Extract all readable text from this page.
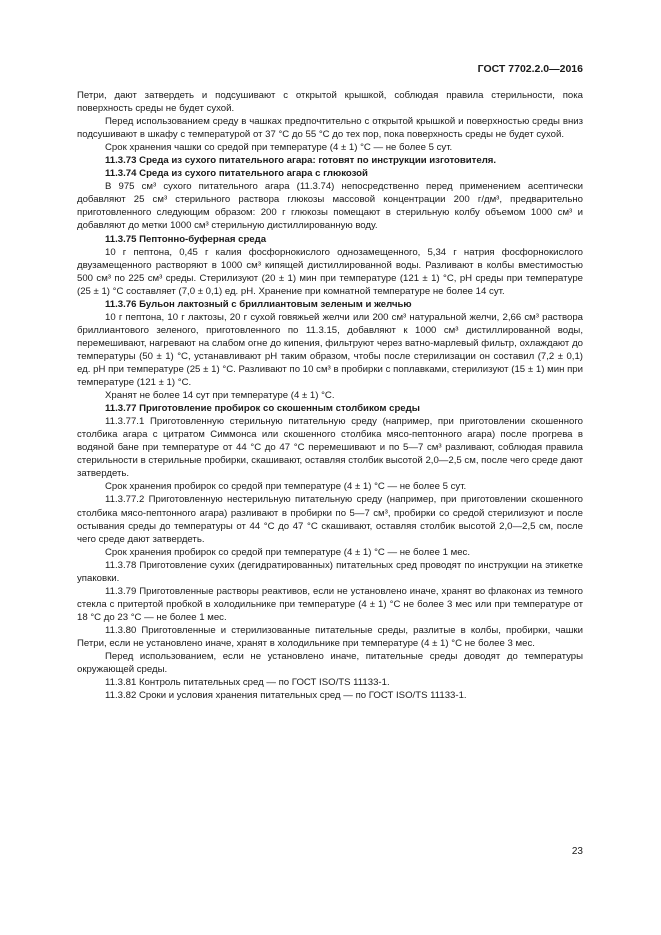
ГОСТ 7702.2.0—2016

Петри, дают затвердеть и подсушивают с открытой крышкой, соблюдая правила стерильности, пока поверхность среды не будет сухой.

Перед использованием среду в чашках предпочтительно с открытой крышкой и поверхностью среды вниз подсушивают в шкафу с температурой от 37 °С до 55 °С до тех пор, пока поверхность среды не будет сухой.

Срок хранения чашки со средой при температуре (4 ± 1) °С — не более 5 сут.

11.3.73 Среда из сухого питательного агара: готовят по инструкции изготовителя.

11.3.74 Среда из сухого питательного агара с глюкозой

В 975 см³ сухого питательного агара (11.3.74) непосредственно перед применением асептически добавляют 25 см³ стерильного раствора глюкозы массовой концентрации 200 г/дм³, предварительно приготовленного следующим образом: 200 г глюкозы помещают в стерильную колбу объемом 1000 см³ и добавляют до метки 1000 см³ стерильную дистиллированную воду.

11.3.75 Пептонно-буферная среда

10 г пептона, 0,45 г калия фосфорнокислого однозамещенного, 5,34 г натрия фосфорнокислого двузамещенного растворяют в 1000 см³ кипящей дистиллированной воды. Разливают в колбы вместимостью 500 см³ по 225 см³ среды. Стерилизуют (20 ± 1) мин при температуре (121 ± 1) °С, pH среды при температуре (25 ± 1) °С составляет (7,0 ± 0,1) ед. pH. Хранение при комнатной температуре не более 14 сут.

11.3.76 Бульон лактозный с бриллиантовым зеленым и желчью

10 г пептона, 10 г лактозы, 20 г сухой говяжьей желчи или 200 см³ натуральной желчи, 2,66 см³ раствора бриллиантового зеленого, приготовленного по 11.3.15, добавляют к 1000 см³ дистиллированной воды, перемешивают, нагревают на слабом огне до кипения, фильтруют через ватно-марлевый фильтр, охлаждают до температуры (50 ± 1) °С, устанавливают pH таким образом, чтобы после стерилизации он составил (7,2 ± 0,1) ед. pH при температуре (25 ± 1) °С. Разливают по 10 см³ в пробирки с поплавками, стерилизуют (15 ± 1) мин при температуре (121 ± 1) °С.

Хранят не более 14 сут при температуре (4 ± 1) °С.

11.3.77 Приготовление пробирок со скошенным столбиком среды

11.3.77.1 Приготовленную стерильную питательную среду (например, при приготовлении скошенного столбика агара с цитратом Симмонса или скошенного столбика мясо-пептонного агара) после прогрева в водяной бане при температуре от 44 °С до 47 °С перемешивают и по 5—7 см³ разливают, соблюдая правила стерильности в стерильные пробирки, скашивают, оставляя столбик высотой 2,0—2,5 см, после чего среде дают затвердеть.

Срок хранения пробирок со средой при температуре (4 ± 1) °С — не более 5 сут.

11.3.77.2 Приготовленную нестерильную питательную среду (например, при приготовлении скошенного столбика мясо-пептонного агара) разливают в пробирки по 5—7 см³, пробирки со средой стерилизуют и после остывания среды до температуры от 44 °С до 47 °С скашивают, оставляя столбик высотой 2,0—2,5 см, после чего среде дают затвердеть.

Срок хранения пробирок со средой при температуре (4 ± 1) °С — не более 1 мес.

11.3.78 Приготовление сухих (дегидратированных) питательных сред проводят по инструкции на этикетке упаковки.

11.3.79 Приготовленные растворы реактивов, если не установлено иначе, хранят во флаконах из темного стекла с притертой пробкой в холодильнике при температуре (4 ± 1) °С не более 3 мес или при температуре от 18 °С до 23 °С — не более 1 мес.

11.3.80 Приготовленные и стерилизованные питательные среды, разлитые в колбы, пробирки, чашки Петри, если не установлено иначе, хранят в холодильнике при температуре (4 ± 1) °С не более 3 мес.

Перед использованием, если не установлено иначе, питательные среды доводят до температуры окружающей среды.

11.3.81 Контроль питательных сред — по ГОСТ ISO/TS 11133-1.

11.3.82 Сроки и условия хранения питательных сред — по ГОСТ ISO/TS 11133-1.

23
